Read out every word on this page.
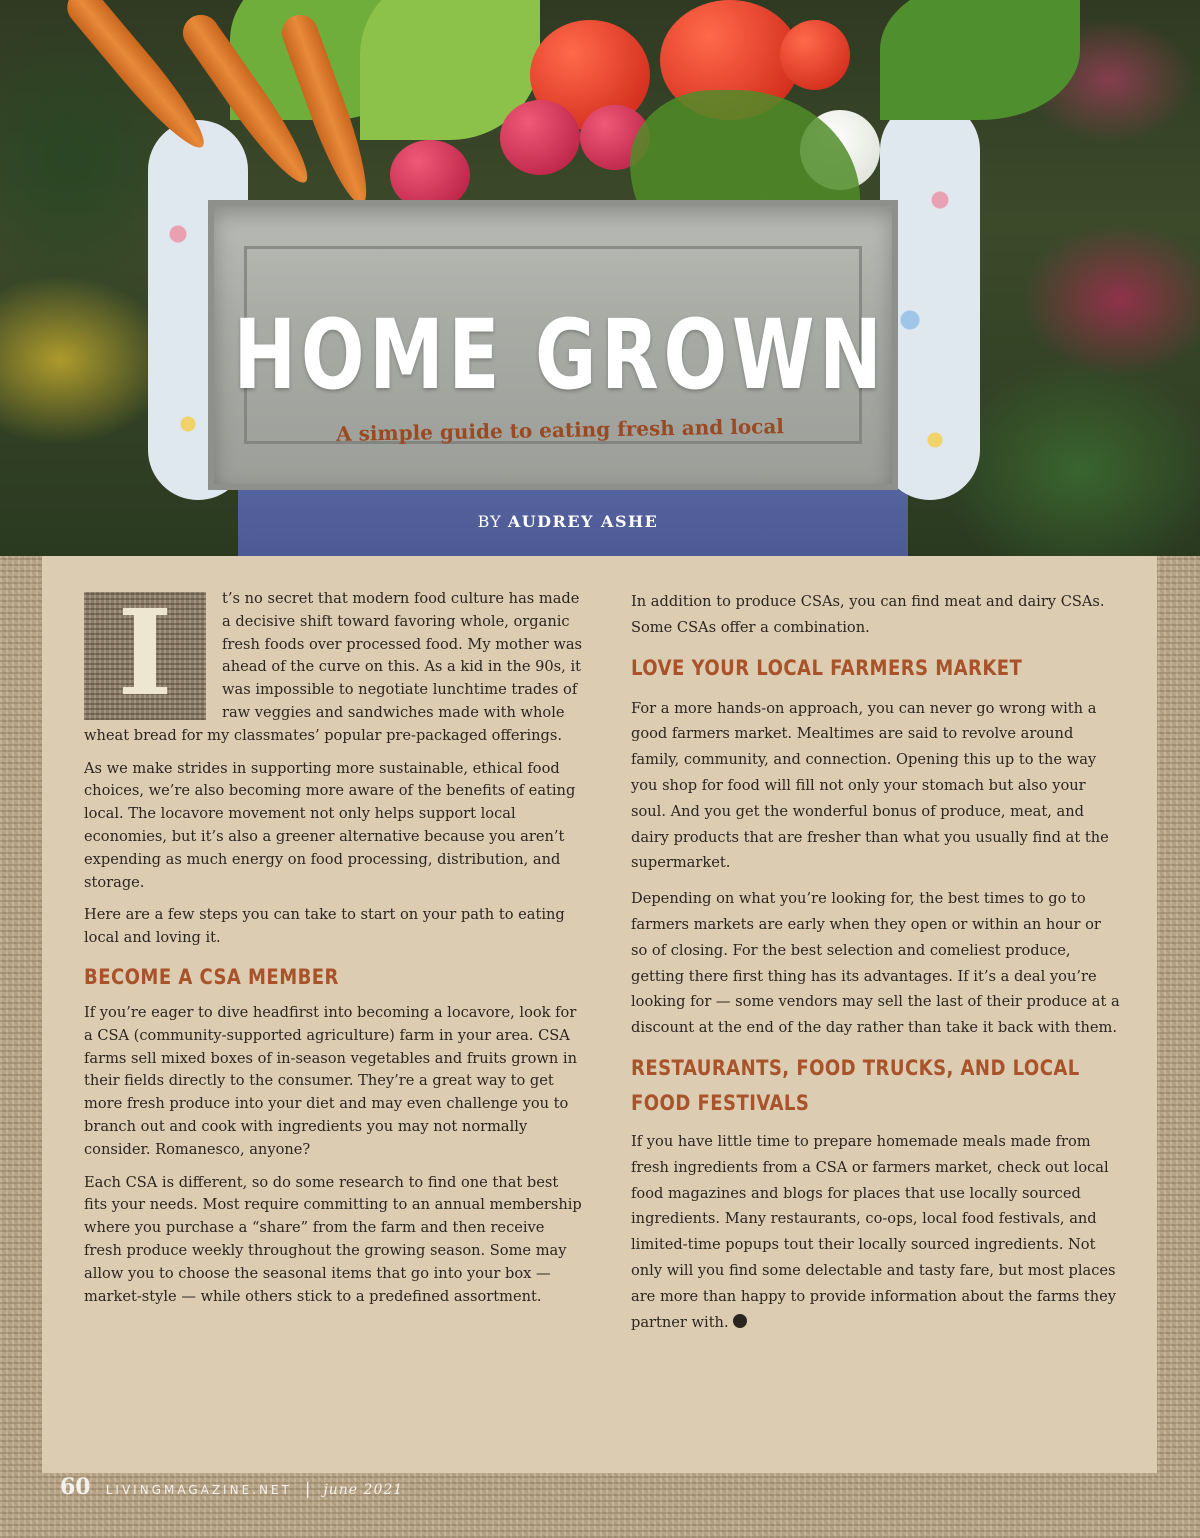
HOME GROWN

A simple guide to eating fresh and local

BY AUDREY ASHE

I	t’s no secret that modern food culture has made a decisive shift toward favoring whole, organic fresh foods over processed food. My mother was ahead of the curve on this. As a kid in the 90s, it was impossible to negotiate lunchtime trades of raw veggies and sandwiches made with whole wheat bread for my classmates’ popular pre-packaged offerings.

As we make strides in supporting more sustainable, ethical food choices, we’re also becoming more aware of the benefits of eating local. The locavore movement not only helps support local economies, but it’s also a greener alternative because you aren’t expending as much energy on food processing, distribution, and storage.

Here are a few steps you can take to start on your path to eating local and loving it.

BECOME A CSA MEMBER

If you’re eager to dive headfirst into becoming a locavore, look for a CSA (community-supported agriculture) farm in your area. CSA farms sell mixed boxes of in-season vegetables and fruits grown in their fields directly to the consumer. They’re a great way to get more fresh produce into your diet and may even challenge you to branch out and cook with ingredients you may not normally consider. Romanesco, anyone?

Each CSA is different, so do some research to find one that best fits your needs. Most require committing to an annual membership where you purchase a “share” from the farm and then receive fresh produce weekly throughout the growing season. Some may allow you to choose the seasonal items that go into your box — market-style — while others stick to a predefined assortment.

In addition to produce CSAs, you can find meat and dairy CSAs. Some CSAs offer a combination.

LOVE YOUR LOCAL FARMERS MARKET

For a more hands-on approach, you can never go wrong with a good farmers market. Mealtimes are said to revolve around family, community, and connection. Opening this up to the way you shop for food will fill not only your stomach but also your soul. And you get the wonderful bonus of produce, meat, and dairy products that are fresher than what you usually find at the supermarket.

Depending on what you’re looking for, the best times to go to farmers markets are early when they open or within an hour or so of closing. For the best selection and comeliest produce, getting there first thing has its advantages. If it’s a deal you’re looking for — some vendors may sell the last of their produce at a discount at the end of the day rather than take it back with them.

RESTAURANTS, FOOD TRUCKS, AND LOCAL
FOOD FESTIVALS

If you have little time to prepare homemade meals made from fresh ingredients from a CSA or farmers market, check out local food magazines and blogs for places that use locally sourced ingredients. Many restaurants, co-ops, local food festivals, and limited-time popups tout their locally sourced ingredients. Not only will you find some delectable and tasty fare, but most places are more than happy to provide information about the farms they partner with.

60 LIVINGMAGAZINE.NET | june 2021
